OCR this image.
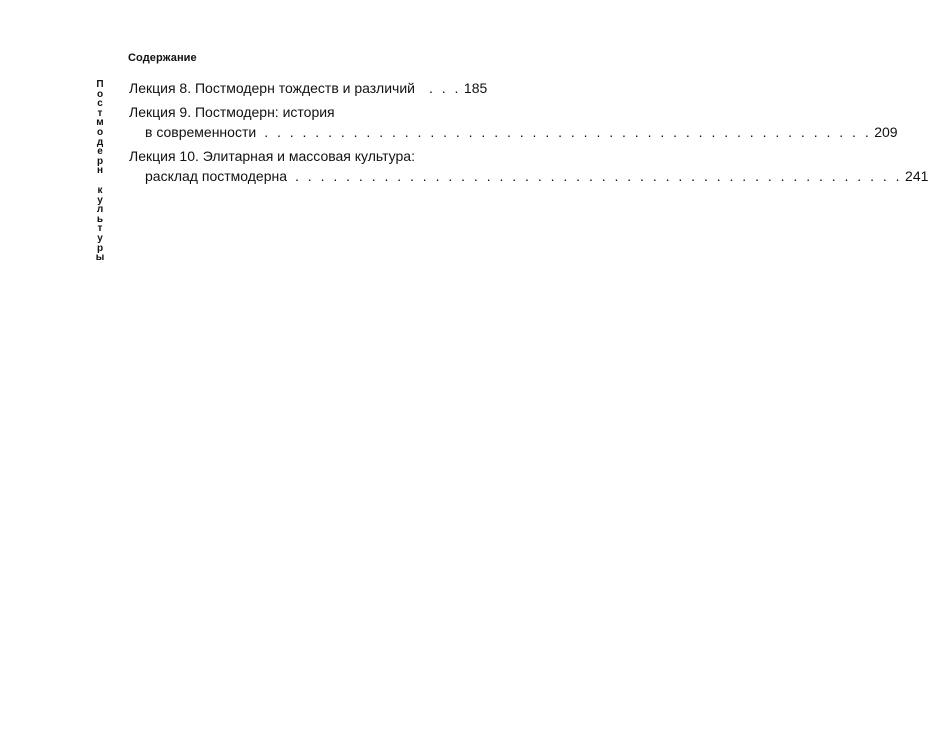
Содержание
П
о
с
т
м
о
д
е
р
н
к
у
л
ь
т
у
р
ы
Лекция 8. Постмодерн тождеств и различий . . . 185
Лекция 9. Постмодерн: история
в современности . . . . . . . . . . . . . . . . . . . . . . . . . . . . . . . . . . . . . . . . . . . . . . . . 209
Лекция 10. Элитарная и массовая культура:
расклад постмодерна . . . . . . . . . . . . . . . . . . . . . . . . . . . . . . . . . . . . . . . . . . . . . . . . 241
